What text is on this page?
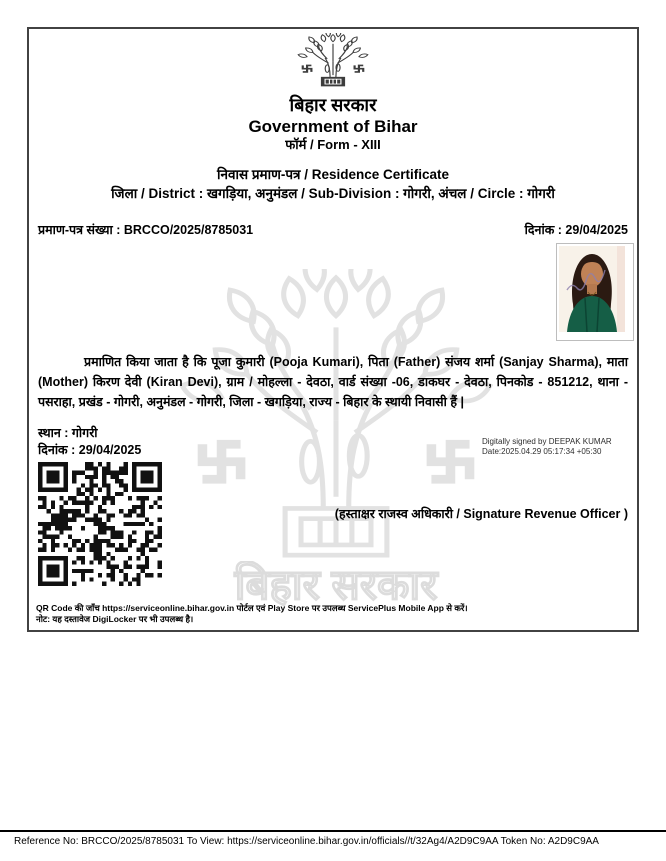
बिहार सरकार
बिहार सरकार
Government of Bihar
फॉर्म / Form - XIII
निवास प्रमाण-पत्र / Residence Certificate
जिला / District : खगड़िया, अनुमंडल / Sub-Division : गोगरी, अंचल / Circle : गोगरी
प्रमाण-पत्र संख्या : BRCCO/2025/8785031	दिनांक : 29/04/2025
प्रमाणित किया जाता है कि पूजा कुमारी (Pooja Kumari), पिता (Father) संजय शर्मा (Sanjay Sharma), माता (Mother) किरण देवी (Kiran Devi), ग्राम / मोहल्ला - देवठा, वार्ड संख्या -06, डाकघर - देवठा, पिनकोड - 851212, थाना - पसराहा, प्रखंड - गोगरी, अनुमंडल - गोगरी, जिला - खगड़िया, राज्य - बिहार के स्थायी निवासी हैं |
स्थान : गोगरी
दिनांक : 29/04/2025
Digitally signed by DEEPAK KUMAR
Date:2025.04.29 05:17:34 +05:30
(हस्ताक्षर राजस्व अधिकारी / Signature Revenue Officer )
QR Code की जाँच https://serviceonline.bihar.gov.in पोर्टल एवं Play Store पर उपलब्ध ServicePlus Mobile App से करें।
नोट: यह दस्तावेज DigiLocker पर भी उपलब्ध है।
Reference No: BRCCO/2025/8785031 To View: https://serviceonline.bihar.gov.in/officials//t/32Ag4/A2D9C9AA Token No: A2D9C9AA
